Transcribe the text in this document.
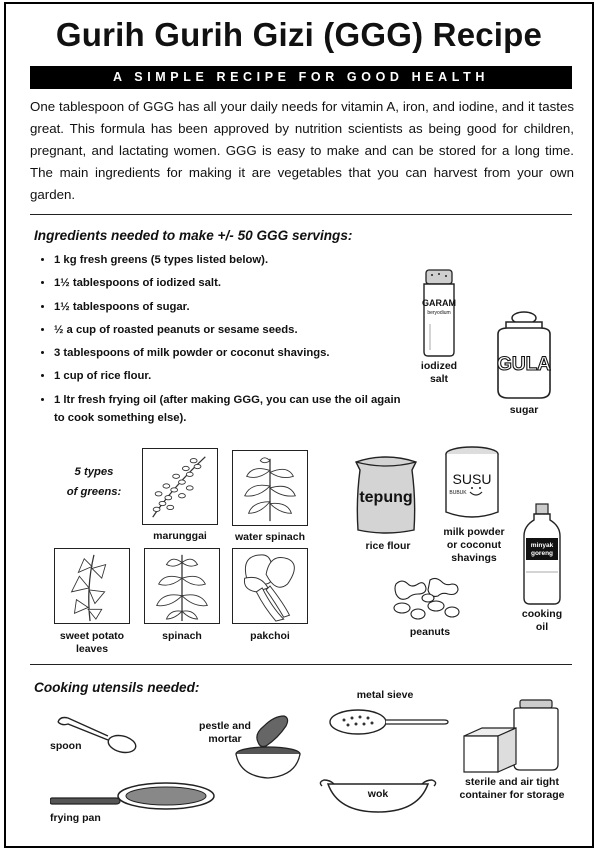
Gurih Gurih Gizi (GGG) Recipe
A SIMPLE RECIPE FOR GOOD HEALTH
One tablespoon of GGG has all your daily needs for vitamin A, iron, and iodine, and it tastes great. This formula has been approved by nutrition scientists as being good for children, pregnant, and lactating women. GGG is easy to make and can be stored for a long time. The main ingredients for making it are vegetables that you can harvest from your own garden.
Ingredients needed to make +/- 50 GGG servings:
• 1 kg fresh greens (5 types listed below).
• 1½ tablespoons of iodized salt.
• 1½ tablespoons of sugar.
• ½ a cup of roasted peanuts or sesame seeds.
• 3 tablespoons of milk powder or coconut shavings.
• 1 cup of rice flour.
• 1 ltr fresh frying oil (after making GGG, you can use the oil again to cook something else).
GARAM
beryodium
iodized
salt
GULA
sugar
5 types
of greens:
marunggai	water spinach
sweet potato
leaves
spinach	pakchoi
tepung
rice flour
SUSU
BUBUK
milk powder
or coconut
shavings
minyak
goreng
cooking
oil
peanuts
Cooking utensils needed:
spoon
pestle and
mortar
metal sieve
wok
frying pan
sterile and air tight
container for storage
